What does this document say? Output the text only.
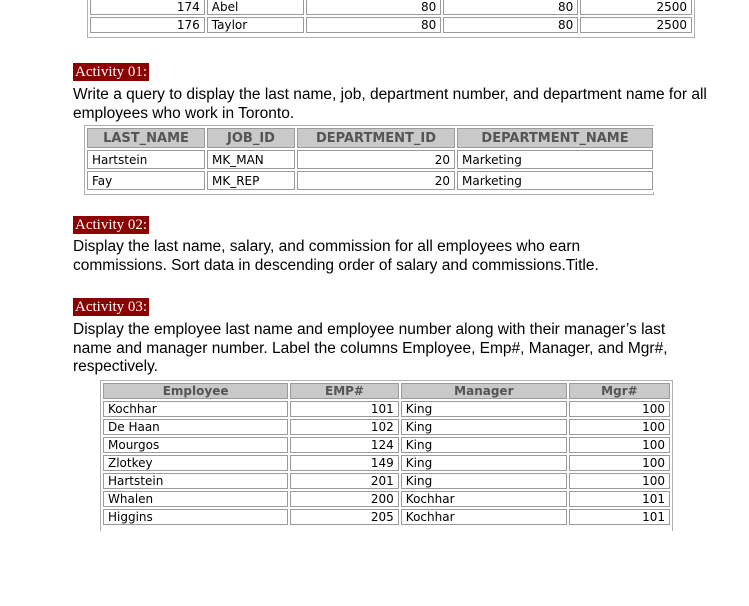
174	Abel	80	80	2500
176	Taylor	80	80	2500
Activity 01:
Write a query to display the last name, job, department number, and department name for all employees who work in Toronto.
LAST_NAME	JOB_ID	DEPARTMENT_ID	DEPARTMENT_NAME
Hartstein	MK_MAN	20	Marketing
Fay	MK_REP	20	Marketing
Activity 02:
Display the last name, salary, and commission for all employees who earn commissions. Sort data in descending order of salary and commissions.Title.
Activity 03:
Display the employee last name and employee number along with their manager’s last name and manager number. Label the columns Employee, Emp#, Manager, and Mgr#, respectively.
Employee	EMP#	Manager	Mgr#
Kochhar	101	King	100
De Haan	102	King	100
Mourgos	124	King	100
Zlotkey	149	King	100
Hartstein	201	King	100
Whalen	200	Kochhar	101
Higgins	205	Kochhar	101
